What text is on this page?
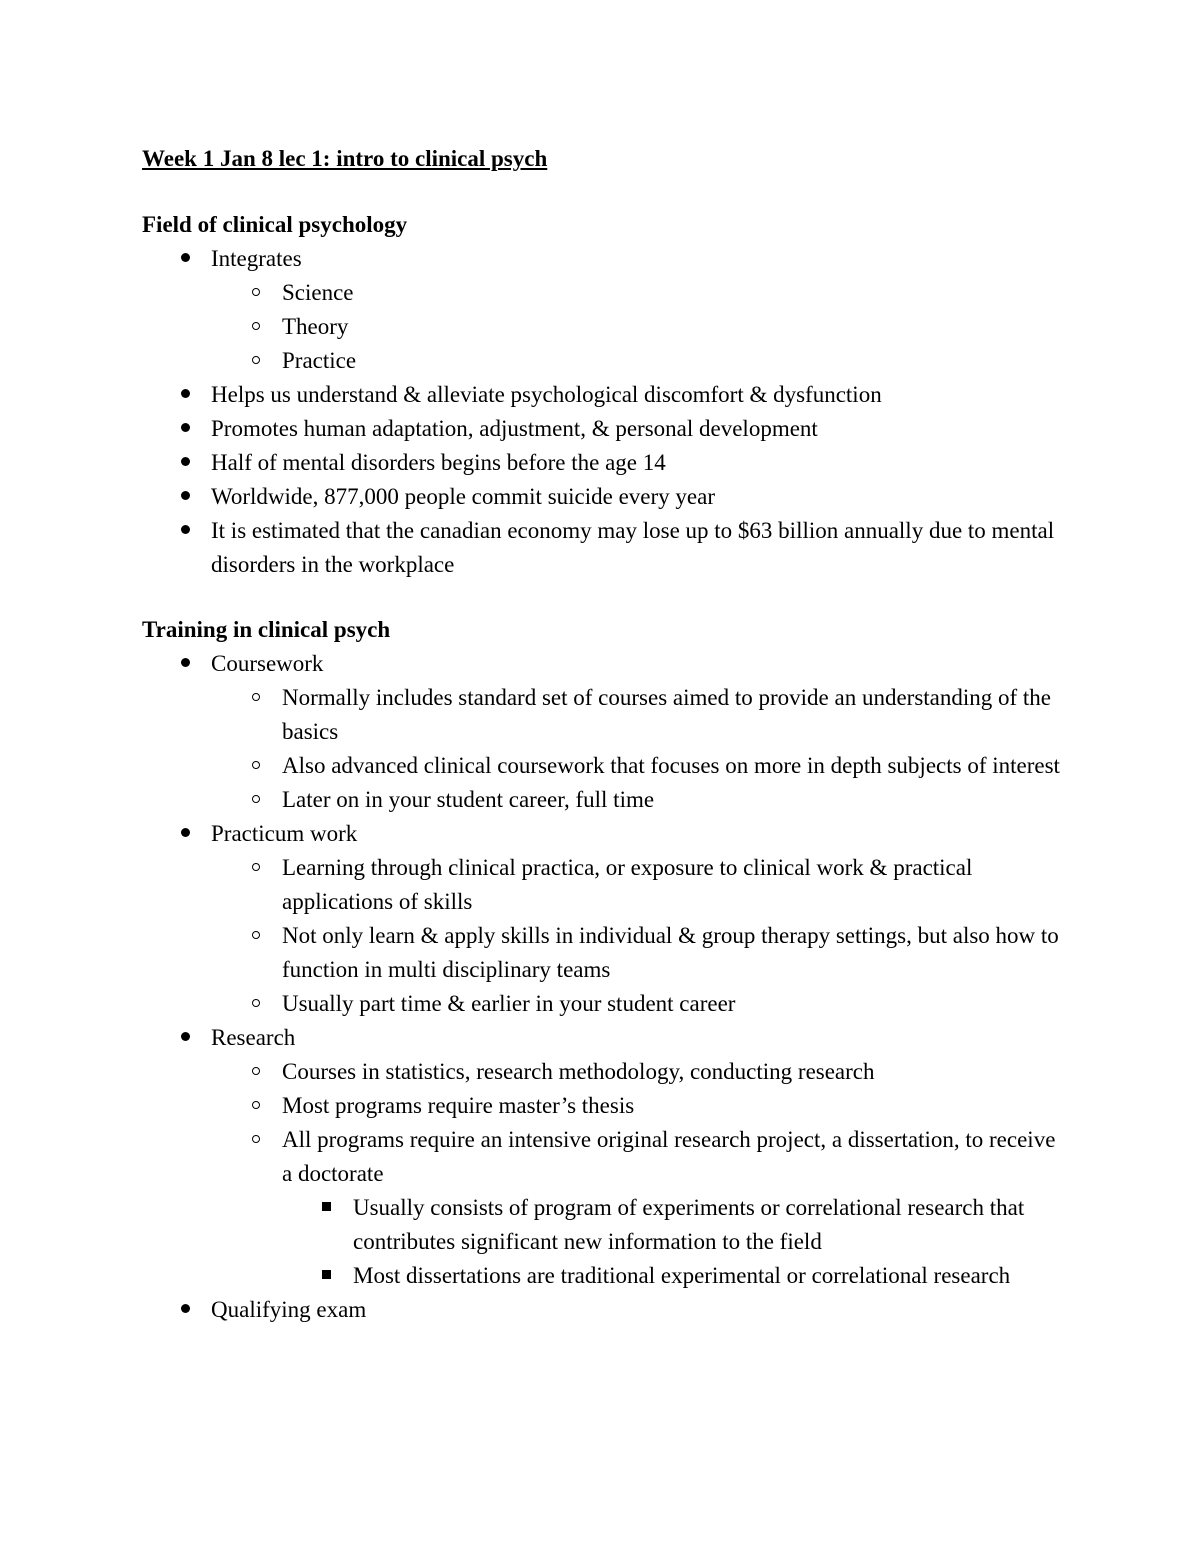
Week 1 Jan 8 lec 1: intro to clinical psych
Field of clinical psychology
Integrates
Science
Theory
Practice
Helps us understand & alleviate psychological discomfort & dysfunction
Promotes human adaptation, adjustment, & personal development
Half of mental disorders begins before the age 14
Worldwide, 877,000 people commit suicide every year
It is estimated that the canadian economy may lose up to $63 billion annually due to mental disorders in the workplace
Training in clinical psych
Coursework
Normally includes standard set of courses aimed to provide an understanding of the basics
Also advanced clinical coursework that focuses on more in depth subjects of interest
Later on in your student career, full time
Practicum work
Learning through clinical practica, or exposure to clinical work & practical applications of skills
Not only learn & apply skills in individual & group therapy settings, but also how to function in multi disciplinary teams
Usually part time & earlier in your student career
Research
Courses in statistics, research methodology, conducting research
Most programs require master’s thesis
All programs require an intensive original research project, a dissertation, to receive a doctorate
Usually consists of program of experiments or correlational research that contributes significant new information to the field
Most dissertations are traditional experimental or correlational research
Qualifying exam
